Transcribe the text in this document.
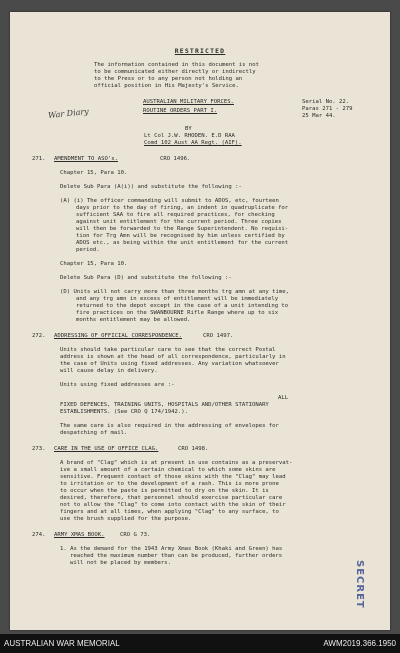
RESTRICTED
The information contained in this document is not
to be communicated either directly or indirectly
to the Press or to any person not holding an
official position in His Majesty's Service.
War Diary
AUSTRALIAN MILITARY FORCES.
ROUTINE ORDERS PART I.
Serial No. 22.
Paras 271 - 279
25 Mar 44.
BY
Lt Col J.W. RHODEN. E.D RAA
Comd 102 Aust AA Regt. (AIF).
271. AMENDMENT TO ASO's.	CRO 1496.
Chapter 15, Para 10.
Delete Sub Para (A(i)) and substitute the following :-
(A) (i) The officer commanding will submit to ADOS, etc, fourteen
days prior to the day of firing, an indent in quadruplicate for
sufficient SAA to fire all required practices, for checking
against unit entitlement for the current period. Three copies
will then be forwarded to the Range Superintendent. No requisi-
tion for Trg Amn will be recognised by him unless certified by
ADOS etc., as being within the unit entitlement for the current
period.
Chapter 15, Para 10.
Delete Sub Para (D) and substitute the following :-
(D) Units will not carry more than three months trg amn at any time,
and any trg amn in excess of entitlement will be immediately
returned to the depot except in the case of a unit intending to
fire practices on the SWANBOURNE Rifle Range where up to six
months entitlement may be allowed.
272. ADDRESSING OF OFFICIAL CORRESPONDENCE.	CRO 1497.
Units should take particular care to see that the correct Postal
address is shown at the head of all correspondence, particularly in
the case of Units using fixed addresses. Any variation whatsoever
will cause delay in delivery.
Units using fixed addresses are :-
ALL
FIXED DEFENCES, TRAINING UNITS, HOSPITALS AND/OTHER STATIONARY
ESTABLISHMENTS. (See CRO Q 174/1942.).
The same care is also required in the addressing of envelopes for
despatching of mail.
273. CARE IN THE USE OF OFFICE CLAG.	CRO 1498.
A brand of "Clag" which is at present in use contains as a preservat-
ive a small amount of a certain chemical to which some skins are
sensitive. Frequent contact of those skins with the "Clag" may lead
to irritation or to the development of a rash. This is more prone
to occur when the paste is permitted to dry on the skin. It is
desired, therefore, that personnel should exercise particular care
not to allow the "Clag" to come into contact with the skin of their
fingers and at all times, when applying "Clag" to any surface, to
use the brush supplied for the purpose.
274. ARMY XMAS BOOK.	CRO G 73.
1. As the demand for the 1943 Army Xmas Book (Khaki and Green) has
reached the maximum number than can be produced, further orders
will not be placed by members.	SECRET
AUSTRALIAN WAR MEMORIAL	AWM2019.366.1950
